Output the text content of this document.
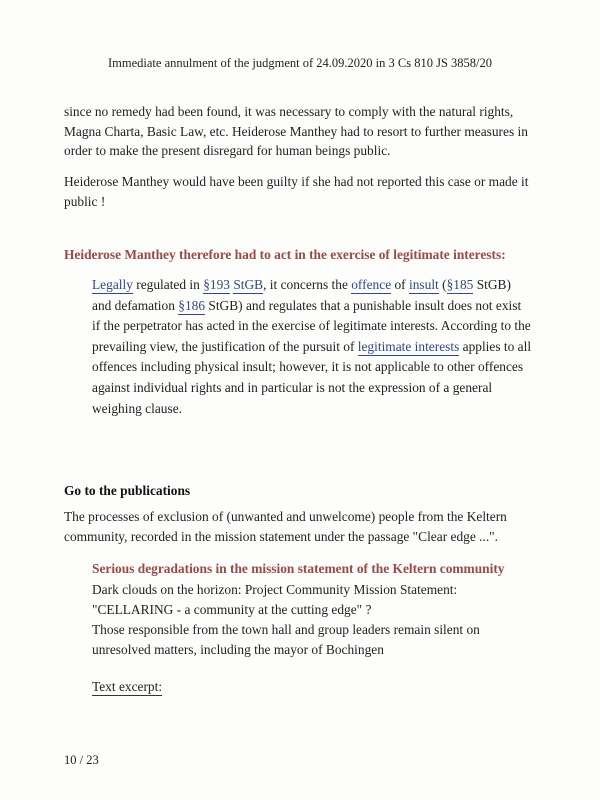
Immediate annulment of the judgment of 24.09.2020 in 3 Cs 810 JS 3858/20
since no remedy had been found, it was necessary to comply with the natural rights, Magna Charta, Basic Law, etc. Heiderose Manthey had to resort to further measures in order to make the present disregard for human beings public.
Heiderose Manthey would have been guilty if she had not reported this case or made it public !
Heiderose Manthey therefore had to act in the exercise of legitimate interests:
Legally regulated in §193 StGB, it concerns the offence of insult (§185 StGB) and defamation §186 StGB) and regulates that a punishable insult does not exist if the perpetrator has acted in the exercise of legitimate interests. According to the prevailing view, the justification of the pursuit of legitimate interests applies to all offences including physical insult; however, it is not applicable to other offences against individual rights and in particular is not the expression of a general weighing clause.
Go to the publications
The processes of exclusion of (unwanted and unwelcome) people from the Keltern community, recorded in the mission statement under the passage "Clear edge ...".
Serious degradations in the mission statement of the Keltern community
Dark clouds on the horizon: Project Community Mission Statement:
"CELLARING - a community at the cutting edge" ?
Those responsible from the town hall and group leaders remain silent on unresolved matters, including the mayor of Bochingen
Text excerpt:
10 / 23
